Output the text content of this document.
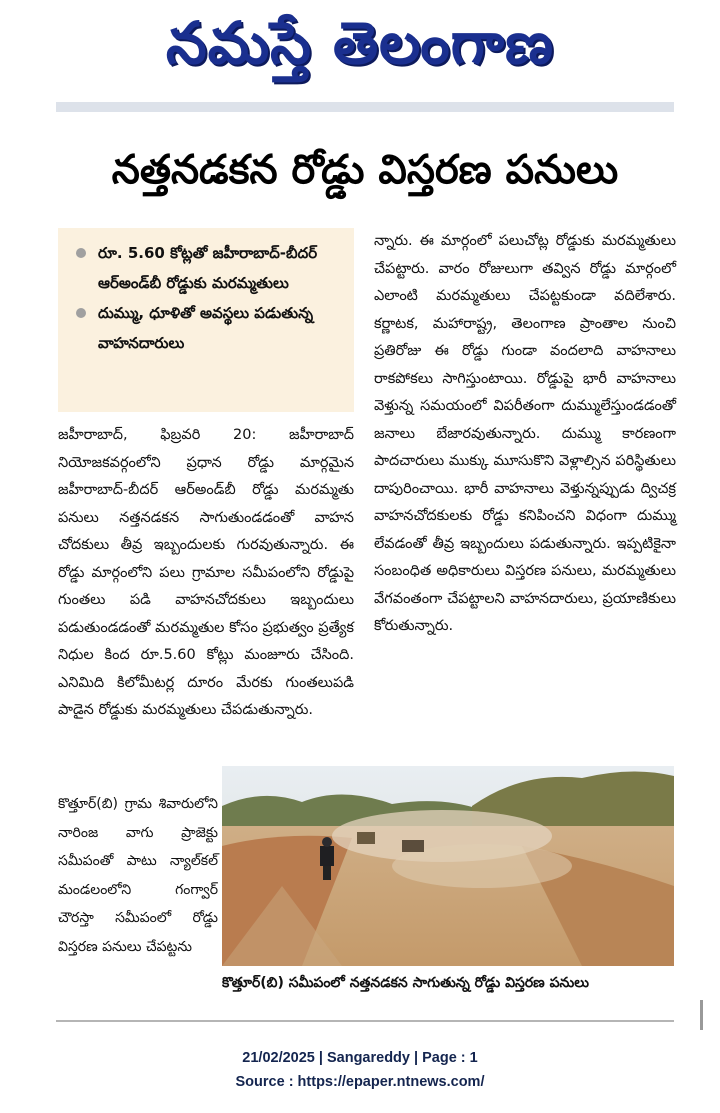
నమస్తే తెలంగాణ
నత్తనడకన రోడ్డు విస్తరణ పనులు
రూ. 5.60 కోట్లతో జహీరాబాద్-బీదర్ ఆర్అండ్‌బీ రోడ్డుకు మరమ్మతులు
దుమ్ము, ధూళితో అవస్థలు పడుతున్న వాహనదారులు
జహీరాబాద్, ఫిబ్రవరి 20: జహీరాబాద్ నియోజకవర్గంలోని ప్రధాన రోడ్డు మార్గమైన జహీరాబాద్-బీదర్ ఆర్అండ్‌బీ రోడ్డు మరమ్మతు పనులు నత్తనడకన సాగుతుండడంతో వాహన చోదకులు తీవ్ర ఇబ్బందులకు గురవుతున్నారు. ఈ రోడ్డు మార్గంలోని పలు గ్రామాల సమీపంలోని రోడ్డుపై గుంతలు పడి వాహనచోదకులు ఇబ్బందులు పడుతుండడంతో మరమ్మతుల కోసం ప్రభుత్వం ప్రత్యేక నిధుల కింద రూ.5.60 కోట్లు మంజూరు చేసింది. ఎనిమిది కిలోమీటర్ల దూరం మేరకు గుంతలుపడి పాడైన రోడ్డుకు మరమ్మతులు చేపడుతున్నారు.
న్నారు. ఈ మార్గంలో పలుచోట్ల రోడ్డుకు మరమ్మతులు చేపట్టారు. వారం రోజులుగా తవ్విన రోడ్డు మార్గంలో ఎలాంటి మరమ్మతులు చేపట్టకుండా వదిలేశారు. కర్ణాటక, మహారాష్ట్ర, తెలంగాణ ప్రాంతాల నుంచి ప్రతిరోజు ఈ రోడ్డు గుండా వందలాది వాహనాలు రాకపోకలు సాగిస్తుంటాయి. రోడ్డుపై భారీ వాహనాలు వెళ్తున్న సమయంలో విపరీతంగా దుమ్ములేస్తుండడంతో జనాలు బేజారవుతున్నారు. దుమ్ము కారణంగా పాదచారులు ముక్కు మూసుకొని వెళ్లాల్సిన పరిస్థితులు దాపురించాయి. భారీ వాహనాలు వెళ్తున్నప్పుడు ద్విచక్ర వాహనచోదకులకు రోడ్డు కనిపించని విధంగా దుమ్ము లేవడంతో తీవ్ర ఇబ్బందులు పడుతున్నారు. ఇప్పటికైనా సంబంధిత అధికారులు విస్తరణ పనులు, మరమ్మతులు వేగవంతంగా చేపట్టాలని వాహనదారులు, ప్రయాణికులు కోరుతున్నారు.
కొత్తూర్(బి) గ్రామ శివారులోని నారింజ వాగు ప్రాజెక్టు సమీపంతో పాటు న్యాల్‌కల్ మండలంలోని గంగ్వార్ చౌరస్తా సమీపంలో రోడ్డు విస్తరణ పనులు చేపట్టను
కొత్తూర్(బి) సమీపంలో నత్తనడకన సాగుతున్న రోడ్డు విస్తరణ పనులు
21/02/2025 | Sangareddy | Page : 1
Source : https://epaper.ntnews.com/
